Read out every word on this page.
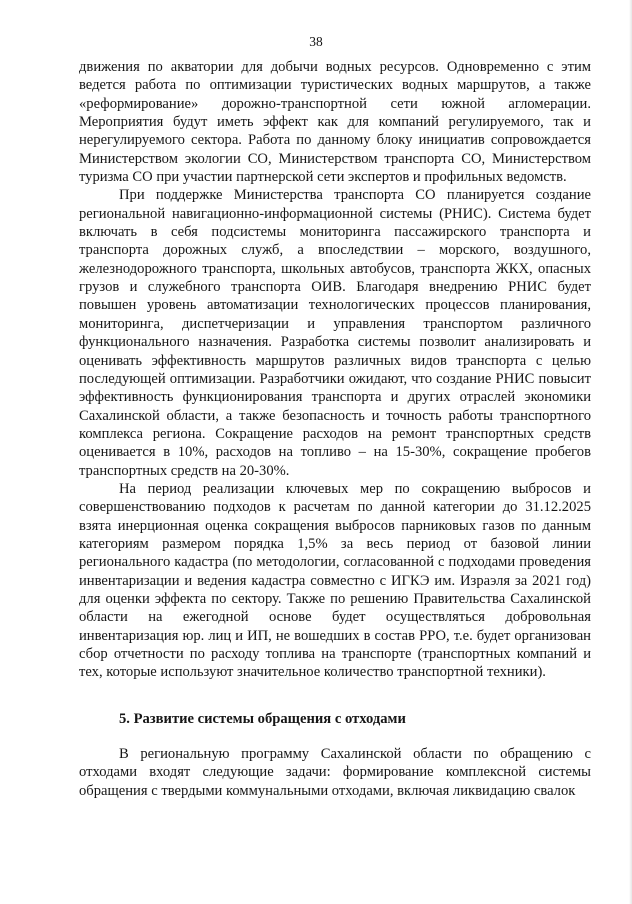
38

движения по акватории для добычи водных ресурсов. Одновременно с этим ведется работа по оптимизации туристических водных маршрутов, а также «реформирование» дорожно-транспортной сети южной агломерации. Мероприятия будут иметь эффект как для компаний регулируемого, так и нерегулируемого сектора. Работа по данному блоку инициатив сопровождается Министерством экологии СО, Министерством транспорта СО, Министерством туризма СО при участии партнерской сети экспертов и профильных ведомств.

При поддержке Министерства транспорта СО планируется создание региональной навигационно-информационной системы (РНИС). Система будет включать в себя подсистемы мониторинга пассажирского транспорта и транспорта дорожных служб, а впоследствии – морского, воздушного, железнодорожного транспорта, школьных автобусов, транспорта ЖКХ, опасных грузов и служебного транспорта ОИВ. Благодаря внедрению РНИС будет повышен уровень автоматизации технологических процессов планирования, мониторинга, диспетчеризации и управления транспортом различного функционального назначения. Разработка системы позволит анализировать и оценивать эффективность маршрутов различных видов транспорта с целью последующей оптимизации. Разработчики ожидают, что создание РНИС повысит эффективность функционирования транспорта и других отраслей экономики Сахалинской области, а также безопасность и точность работы транспортного комплекса региона. Сокращение расходов на ремонт транспортных средств оценивается в 10%, расходов на топливо – на 15-30%, сокращение пробегов транспортных средств на 20-30%.

На период реализации ключевых мер по сокращению выбросов и совершенствованию подходов к расчетам по данной категории до 31.12.2025 взята инерционная оценка сокращения выбросов парниковых газов по данным категориям размером порядка 1,5% за весь период от базовой линии регионального кадастра (по методологии, согласованной с подходами проведения инвентаризации и ведения кадастра совместно с ИГКЭ им. Израэля за 2021 год) для оценки эффекта по сектору. Также по решению Правительства Сахалинской области на ежегодной основе будет осуществляться добровольная инвентаризация юр. лиц и ИП, не вошедших в состав РРО, т.е. будет организован сбор отчетности по расходу топлива на транспорте (транспортных компаний и тех, которые используют значительное количество транспортной техники).

5. Развитие системы обращения с отходами

В региональную программу Сахалинской области по обращению с отходами входят следующие задачи: формирование комплексной системы обращения с твердыми коммунальными отходами, включая ликвидацию свалок
